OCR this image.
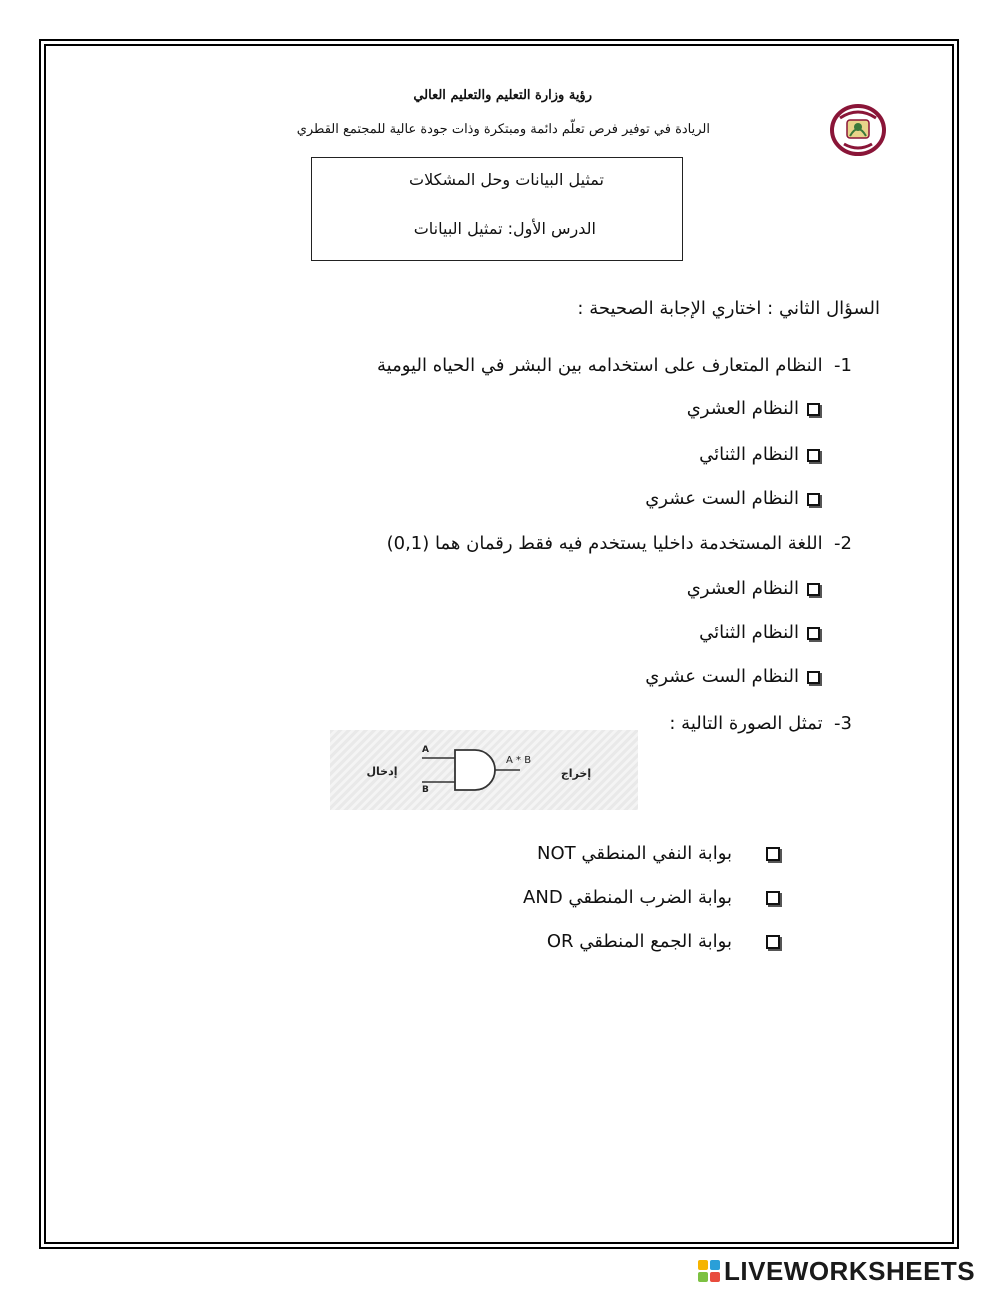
رؤية وزارة التعليم والتعليم العالي
الريادة في توفير فرص تعلّم دائمة ومبتكرة وذات جودة عالية للمجتمع القطري
تمثيل البيانات وحل المشكلات
الدرس الأول: تمثيل البيانات
السؤال الثاني : اختاري الإجابة الصحيحة :
-1  النظام المتعارف على استخدامه بين البشر في الحياه اليومية
النظام العشري
النظام الثنائي
النظام الست عشري
-2  اللغة المستخدمة داخليا يستخدم فيه فقط رقمان هما (0,1)
النظام العشري
النظام الثنائي
النظام الست عشري
-3  تمثل الصورة التالية :
إدخال
A
B
A * B
إخراج
بوابة النفي المنطقي NOT
بوابة الضرب المنطقي AND
بوابة الجمع المنطقي OR
LIVEWORKSHEETS
